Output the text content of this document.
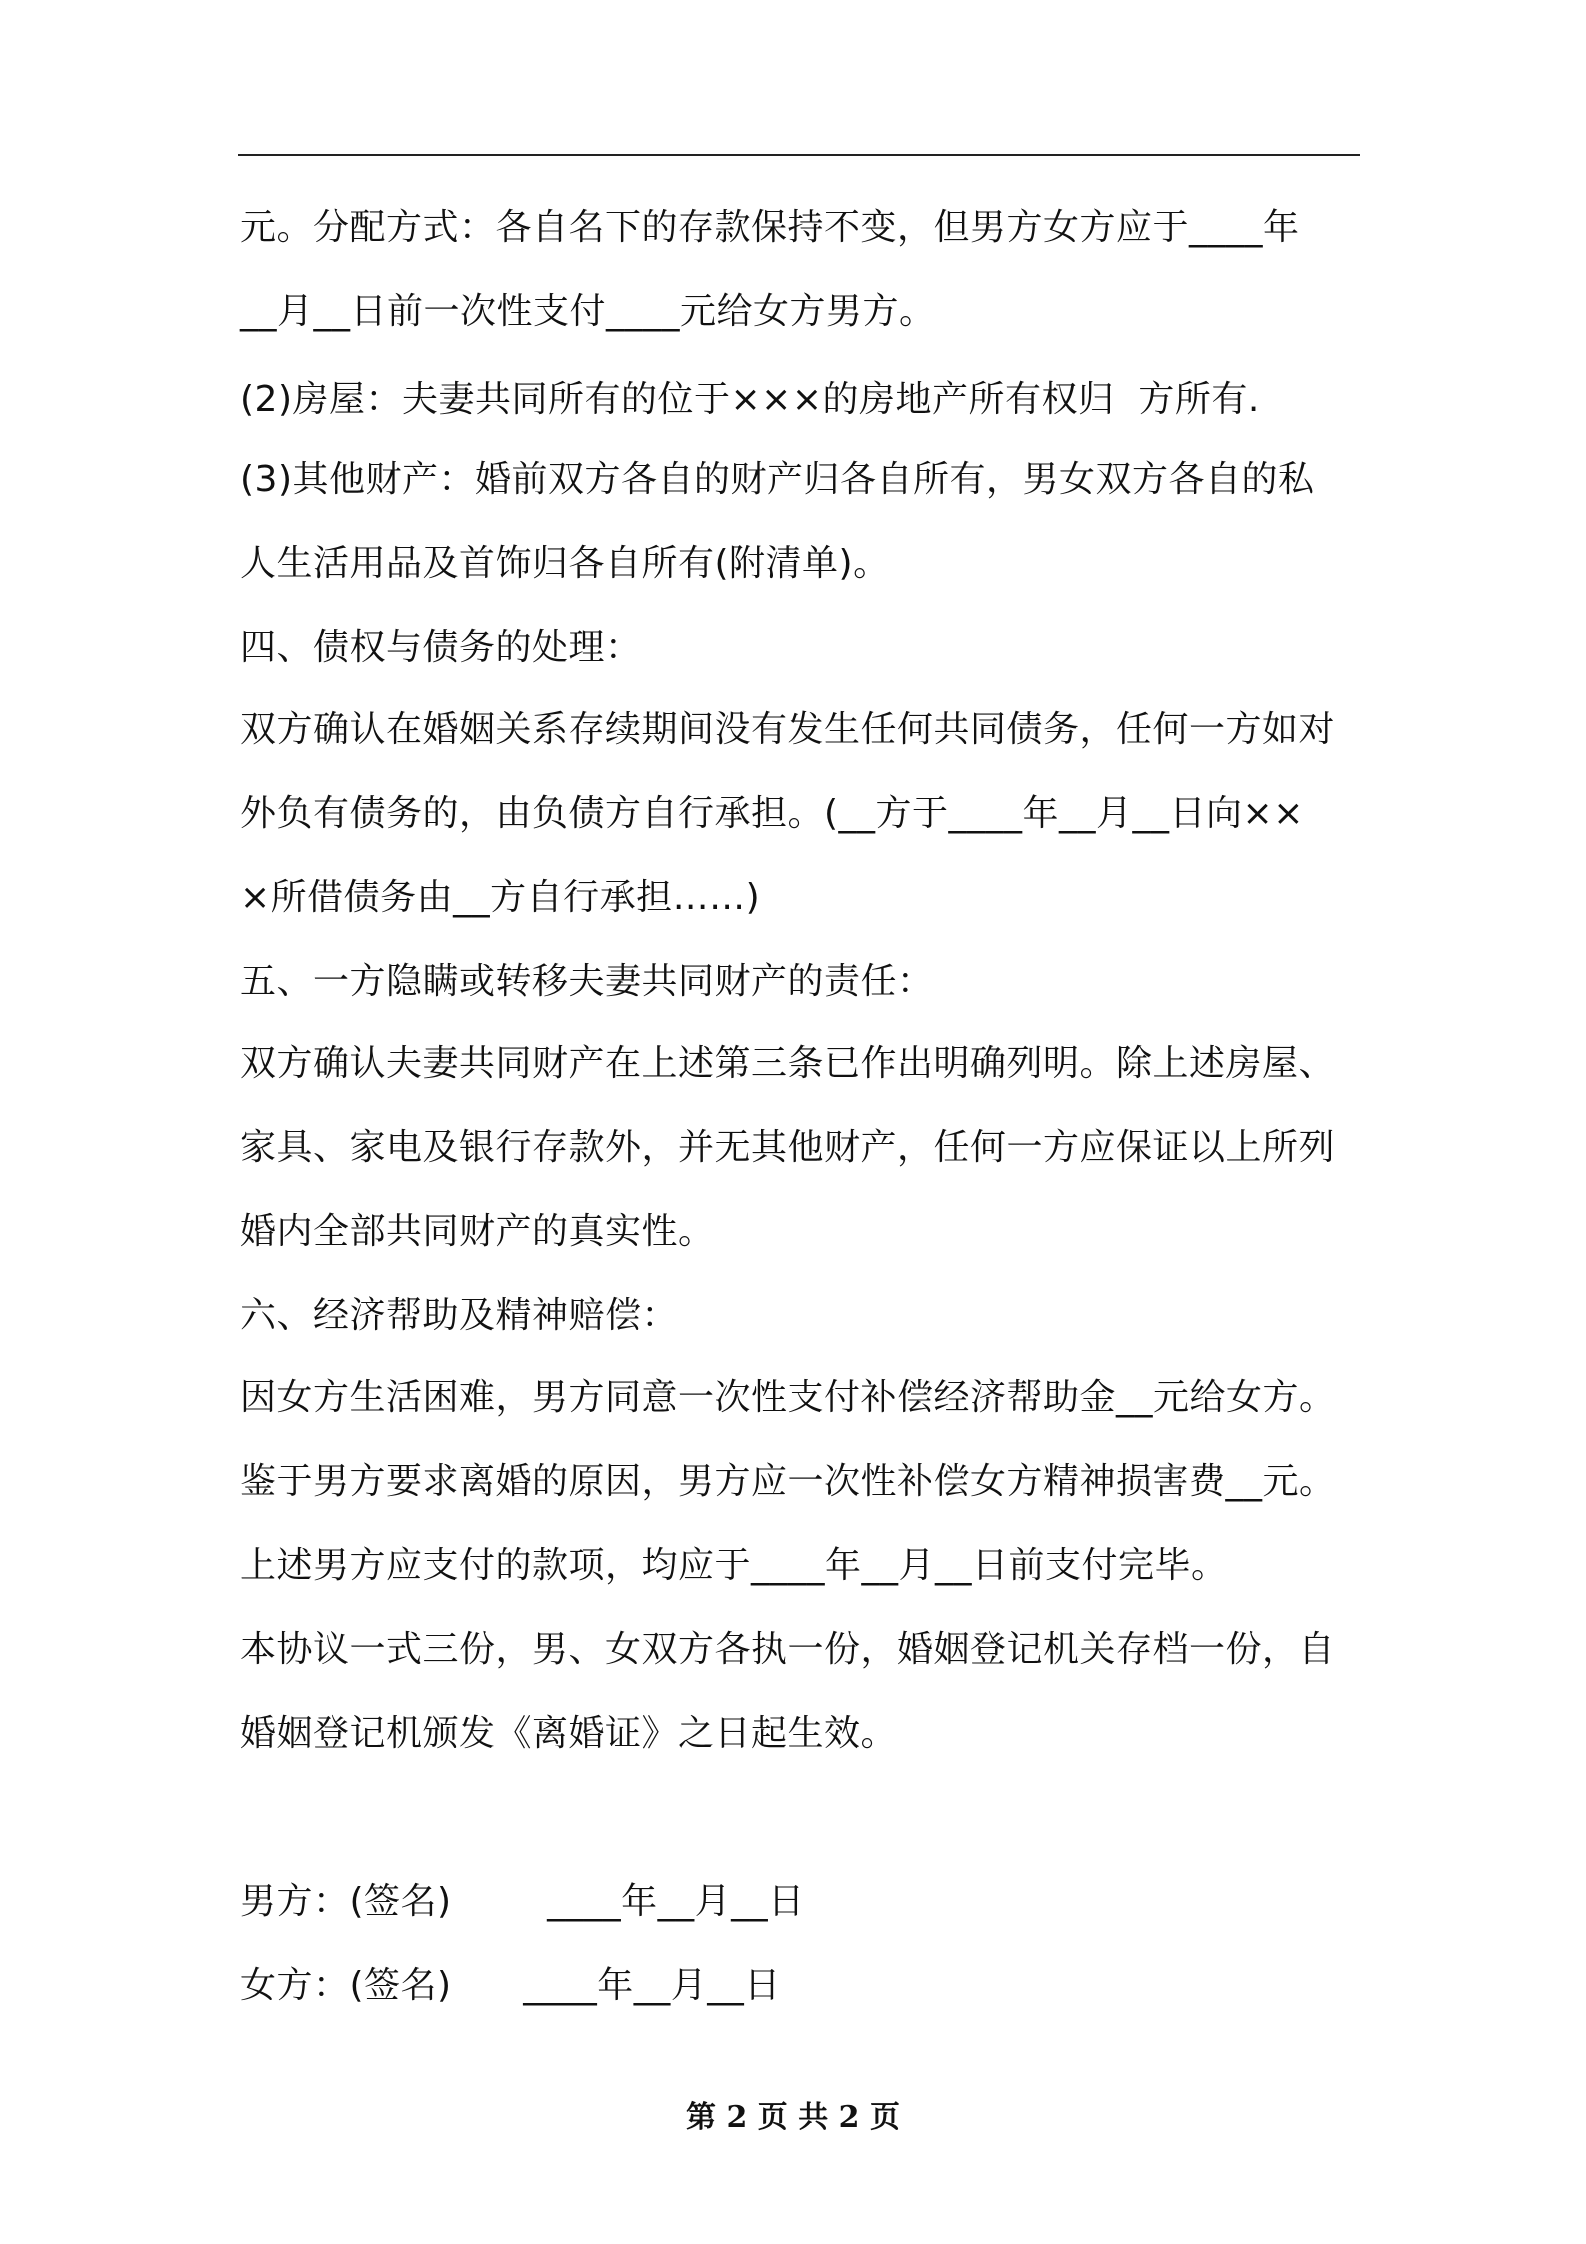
元。分配方式：各自名下的存款保持不变，但男方女方应于____年
__月__日前一次性支付____元给女方男方。
(2)房屋：夫妻共同所有的位于×××的房地产所有权归  方所有.
(3)其他财产：婚前双方各自的财产归各自所有，男女双方各自的私
人生活用品及首饰归各自所有(附清单)。
四、债权与债务的处理：
双方确认在婚姻关系存续期间没有发生任何共同债务，任何一方如对
外负有债务的，由负债方自行承担。(__方于____年__月__日向××
×所借债务由__方自行承担……)
五、一方隐瞒或转移夫妻共同财产的责任：
双方确认夫妻共同财产在上述第三条已作出明确列明。除上述房屋、
家具、家电及银行存款外，并无其他财产，任何一方应保证以上所列
婚内全部共同财产的真实性。
六、经济帮助及精神赔偿：
因女方生活困难，男方同意一次性支付补偿经济帮助金__元给女方。
鉴于男方要求离婚的原因，男方应一次性补偿女方精神损害费__元。
上述男方应支付的款项，均应于____年__月__日前支付完毕。
本协议一式三份，男、女双方各执一份，婚姻登记机关存档一份，自
婚姻登记机颁发《离婚证》之日起生效。
男方：(签名)        ____年__月__日
女方：(签名)      ____年__月__日
第 2 页 共 2 页
